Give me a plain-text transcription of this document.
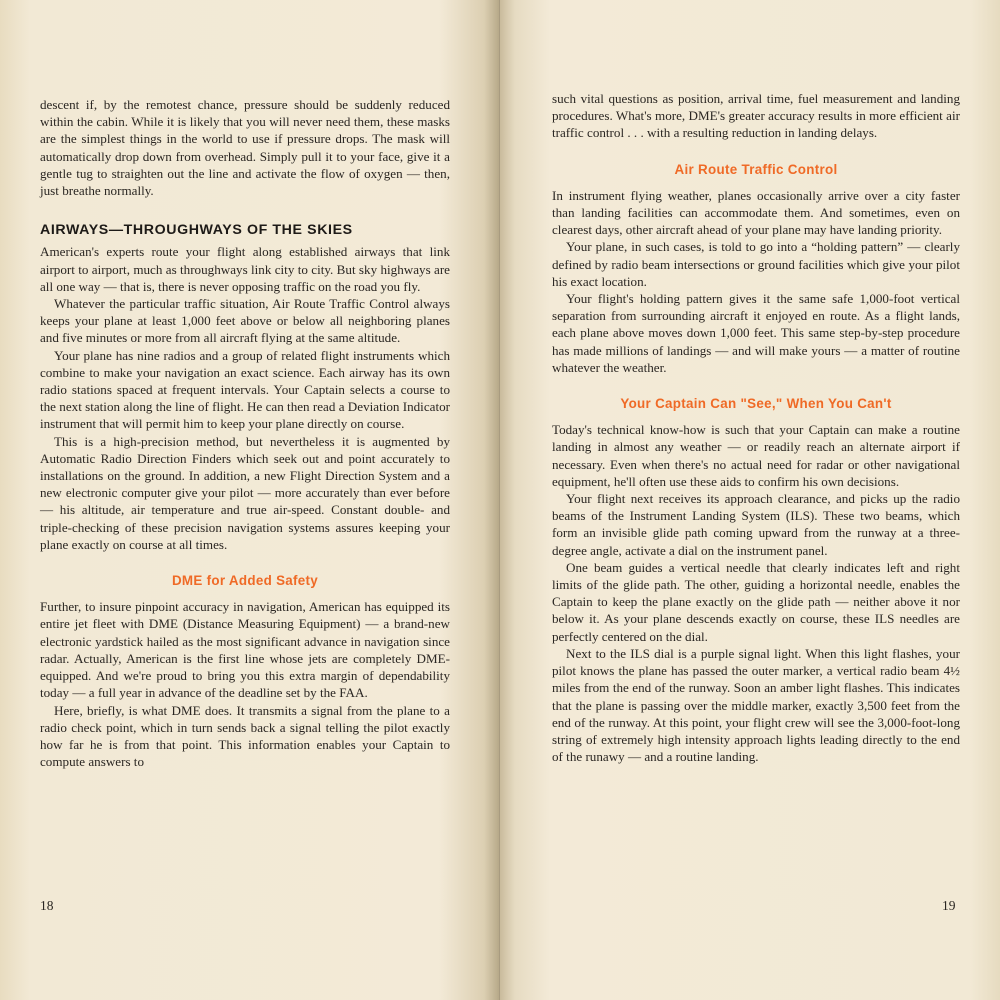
descent if, by the remotest chance, pressure should be suddenly reduced within the cabin. While it is likely that you will never need them, these masks are the simplest things in the world to use if pressure drops. The mask will automatically drop down from overhead. Simply pull it to your face, give it a gentle tug to straighten out the line and activate the flow of oxygen — then, just breathe normally.

AIRWAYS—THROUGHWAYS OF THE SKIES

American's experts route your flight along established airways that link airport to airport, much as throughways link city to city. But sky highways are all one way — that is, there is never opposing traffic on the road you fly.

Whatever the particular traffic situation, Air Route Traffic Control always keeps your plane at least 1,000 feet above or below all neighboring planes and five minutes or more from all aircraft flying at the same altitude.

Your plane has nine radios and a group of related flight instruments which combine to make your navigation an exact science. Each airway has its own radio stations spaced at frequent intervals. Your Captain selects a course to the next station along the line of flight. He can then read a Deviation Indicator instrument that will permit him to keep your plane directly on course.

This is a high-precision method, but nevertheless it is augmented by Automatic Radio Direction Finders which seek out and point accurately to installations on the ground. In addition, a new Flight Direction System and a new electronic computer give your pilot — more accurately than ever before — his altitude, air temperature and true air-speed. Constant double- and triple-checking of these precision navigation systems assures keeping your plane exactly on course at all times.

DME for Added Safety

Further, to insure pinpoint accuracy in navigation, American has equipped its entire jet fleet with DME (Distance Measuring Equipment) — a brand-new electronic yardstick hailed as the most significant advance in navigation since radar. Actually, American is the first line whose jets are completely DME-equipped. And we're proud to bring you this extra margin of dependability today — a full year in advance of the deadline set by the FAA.

Here, briefly, is what DME does. It transmits a signal from the plane to a radio check point, which in turn sends back a signal telling the pilot exactly how far he is from that point. This information enables your Captain to compute answers to

18

such vital questions as position, arrival time, fuel measurement and landing procedures. What's more, DME's greater accuracy results in more efficient air traffic control . . . with a resulting reduction in landing delays.

Air Route Traffic Control

In instrument flying weather, planes occasionally arrive over a city faster than landing facilities can accommodate them. And sometimes, even on clearest days, other aircraft ahead of your plane may have landing priority.

Your plane, in such cases, is told to go into a “holding pattern” — clearly defined by radio beam intersections or ground facilities which give your pilot his exact location.

Your flight's holding pattern gives it the same safe 1,000-foot vertical separation from surrounding aircraft it enjoyed en route. As a flight lands, each plane above moves down 1,000 feet. This same step-by-step procedure has made millions of landings — and will make yours — a matter of routine whatever the weather.

Your Captain Can "See," When You Can't

Today's technical know-how is such that your Captain can make a routine landing in almost any weather — or readily reach an alternate airport if necessary. Even when there's no actual need for radar or other navigational equipment, he'll often use these aids to confirm his own decisions.

Your flight next receives its approach clearance, and picks up the radio beams of the Instrument Landing System (ILS). These two beams, which form an invisible glide path coming upward from the runway at a three-degree angle, activate a dial on the instrument panel.

One beam guides a vertical needle that clearly indicates left and right limits of the glide path. The other, guiding a horizontal needle, enables the Captain to keep the plane exactly on the glide path — neither above it nor below it. As your plane descends exactly on course, these ILS needles are perfectly centered on the dial.

Next to the ILS dial is a purple signal light. When this light flashes, your pilot knows the plane has passed the outer marker, a vertical radio beam 4½ miles from the end of the runway. Soon an amber light flashes. This indicates that the plane is passing over the middle marker, exactly 3,500 feet from the end of the runway. At this point, your flight crew will see the 3,000-foot-long string of extremely high intensity approach lights leading directly to the end of the runawy — and a routine landing.

19
